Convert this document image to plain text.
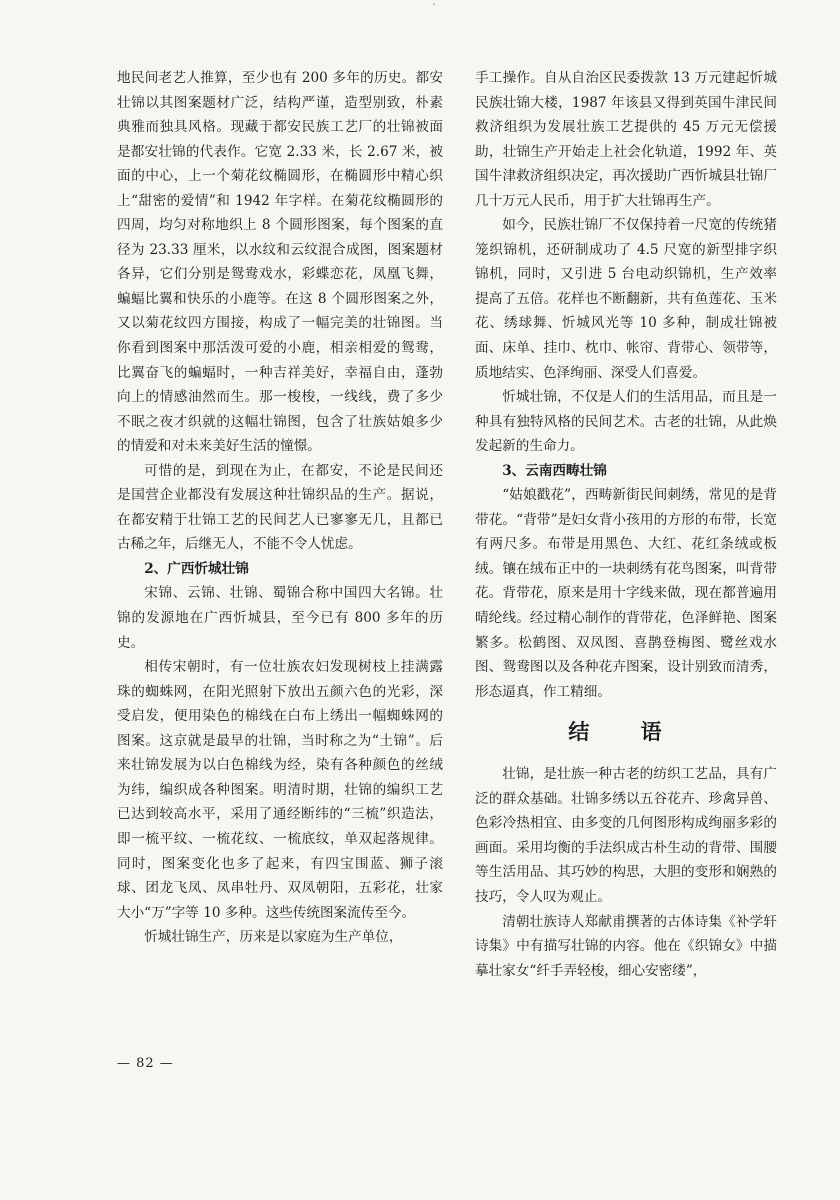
ˋ

地民间老艺人推算，至少也有 200 多年的历史。都安壮锦以其图案题材广泛，结构严谨，造型别致，朴素典雅而独具风格。现藏于都安民族工艺厂的壮锦被面是都安壮锦的代表作。它宽 2.33 米，长 2.67 米，被面的中心，上一个菊花纹椭圆形，在椭圆形中精心织上“甜密的爱情”和 1942 年字样。在菊花纹椭圆形的四周，均匀对称地织上 8 个圆形图案，每个图案的直径为 23.33 厘米，以水纹和云纹混合成图，图案题材各异，它们分别是鸳鸯戏水，彩蝶恋花，凤凰飞舞，蝙蝠比翼和快乐的小鹿等。在这 8 个圆形图案之外，又以菊花纹四方围接，构成了一幅完美的壮锦图。当你看到图案中那活泼可爱的小鹿，相亲相爱的鸳鸯，比翼奋飞的蝙蝠时，一种吉祥美好，幸福自由，蓬勃向上的情感油然而生。那一梭梭，一线线，费了多少不眠之夜才织就的这幅壮锦图，包含了壮族姑娘多少的情爱和对未来美好生活的憧憬。

可惜的是，到现在为止，在都安，不论是民间还是国营企业都没有发展这种壮锦织品的生产。据说，在都安精于壮锦工艺的民间艺人已寥寥无几，且都已古稀之年，后继无人，不能不令人忧虑。

2、广西忻城壮锦

宋锦、云锦、壮锦、蜀锦合称中国四大名锦。壮锦的发源地在广西忻城县，至今已有 800 多年的历史。

相传宋朝时，有一位壮族农妇发现树枝上挂满露珠的蜘蛛网，在阳光照射下放出五颜六色的光彩，深受启发，便用染色的棉线在白布上绣出一幅蜘蛛网的图案。这京就是最早的壮锦，当时称之为“土锦”。后来壮锦发展为以白色棉线为经，染有各种颜色的丝绒为纬，编织成各种图案。明清时期，壮锦的编织工艺已达到较高水平，采用了通经断纬的“三梳”织造法，即一梳平纹、一梳花纹、一梳底纹，单双起落规律。同时，图案变化也多了起来，有四宝围蓝、狮子滚球、团龙飞凤、凤串牡丹、双凤朝阳，五彩花，壮家大小“万”字等 10 多种。这些传统图案流传至今。

忻城壮锦生产，历来是以家庭为生产单位，

手工操作。自从自治区民委拨款 13 万元建起忻城民族壮锦大楼，1987 年该县又得到英国牛津民间救济组织为发展壮族工艺提供的 45 万元无偿援助，壮锦生产开始走上社会化轨道，1992 年、英国牛津救济组织决定，再次援助广西忻城县壮锦厂几十万元人民币，用于扩大壮锦再生产。

如今，民族壮锦厂不仅保持着一尺宽的传统猪笼织锦机，还研制成功了 4.5 尺宽的新型排字织锦机，同时，又引进 5 台电动织锦机，生产效率提高了五倍。花样也不断翻新，共有鱼莲花、玉米花、绣球舞、忻城风光等 10 多种，制成壮锦被面、床单、挂巾、枕巾、帐帘、背带心、领带等，质地结实、色泽绚丽、深受人们喜爱。

忻城壮锦，不仅是人们的生活用品，而且是一种具有独特风格的民间艺术。古老的壮锦，从此焕发起新的生命力。

3、云南西畴壮锦

“姑娘戳花”，西畴新街民间刺绣，常见的是背带花。“背带”是妇女背小孩用的方形的布带，长宽有两尺多。布带是用黑色、大红、花红条绒或板绒。镶在绒布正中的一块刺绣有花鸟图案，叫背带花。背带花，原来是用十字线来做，现在都普遍用晴纶线。经过精心制作的背带花，色泽鲜艳、图案繁多。松鹤图、双凤图、喜鹊登梅图、鹭丝戏水图、鸳鸯图以及各种花卉图案，设计别致而清秀，形态逼真，作工精细。

结 语

壮锦，是壮族一种古老的纺织工艺品，具有广泛的群众基础。壮锦多绣以五谷花卉、珍禽异兽、色彩冷热相宜、由多变的几何图形构成绚丽多彩的画面。采用均衡的手法织成古朴生动的背带、围腰等生活用品、其巧妙的构思，大胆的变形和娴熟的技巧，令人叹为观止。

清朝壮族诗人郑献甫撰著的古体诗集《补学轩诗集》中有描写壮锦的内容。他在《织锦女》中描摹壮家女“纤手弄轻梭，细心安密缕”，

— 82 —
